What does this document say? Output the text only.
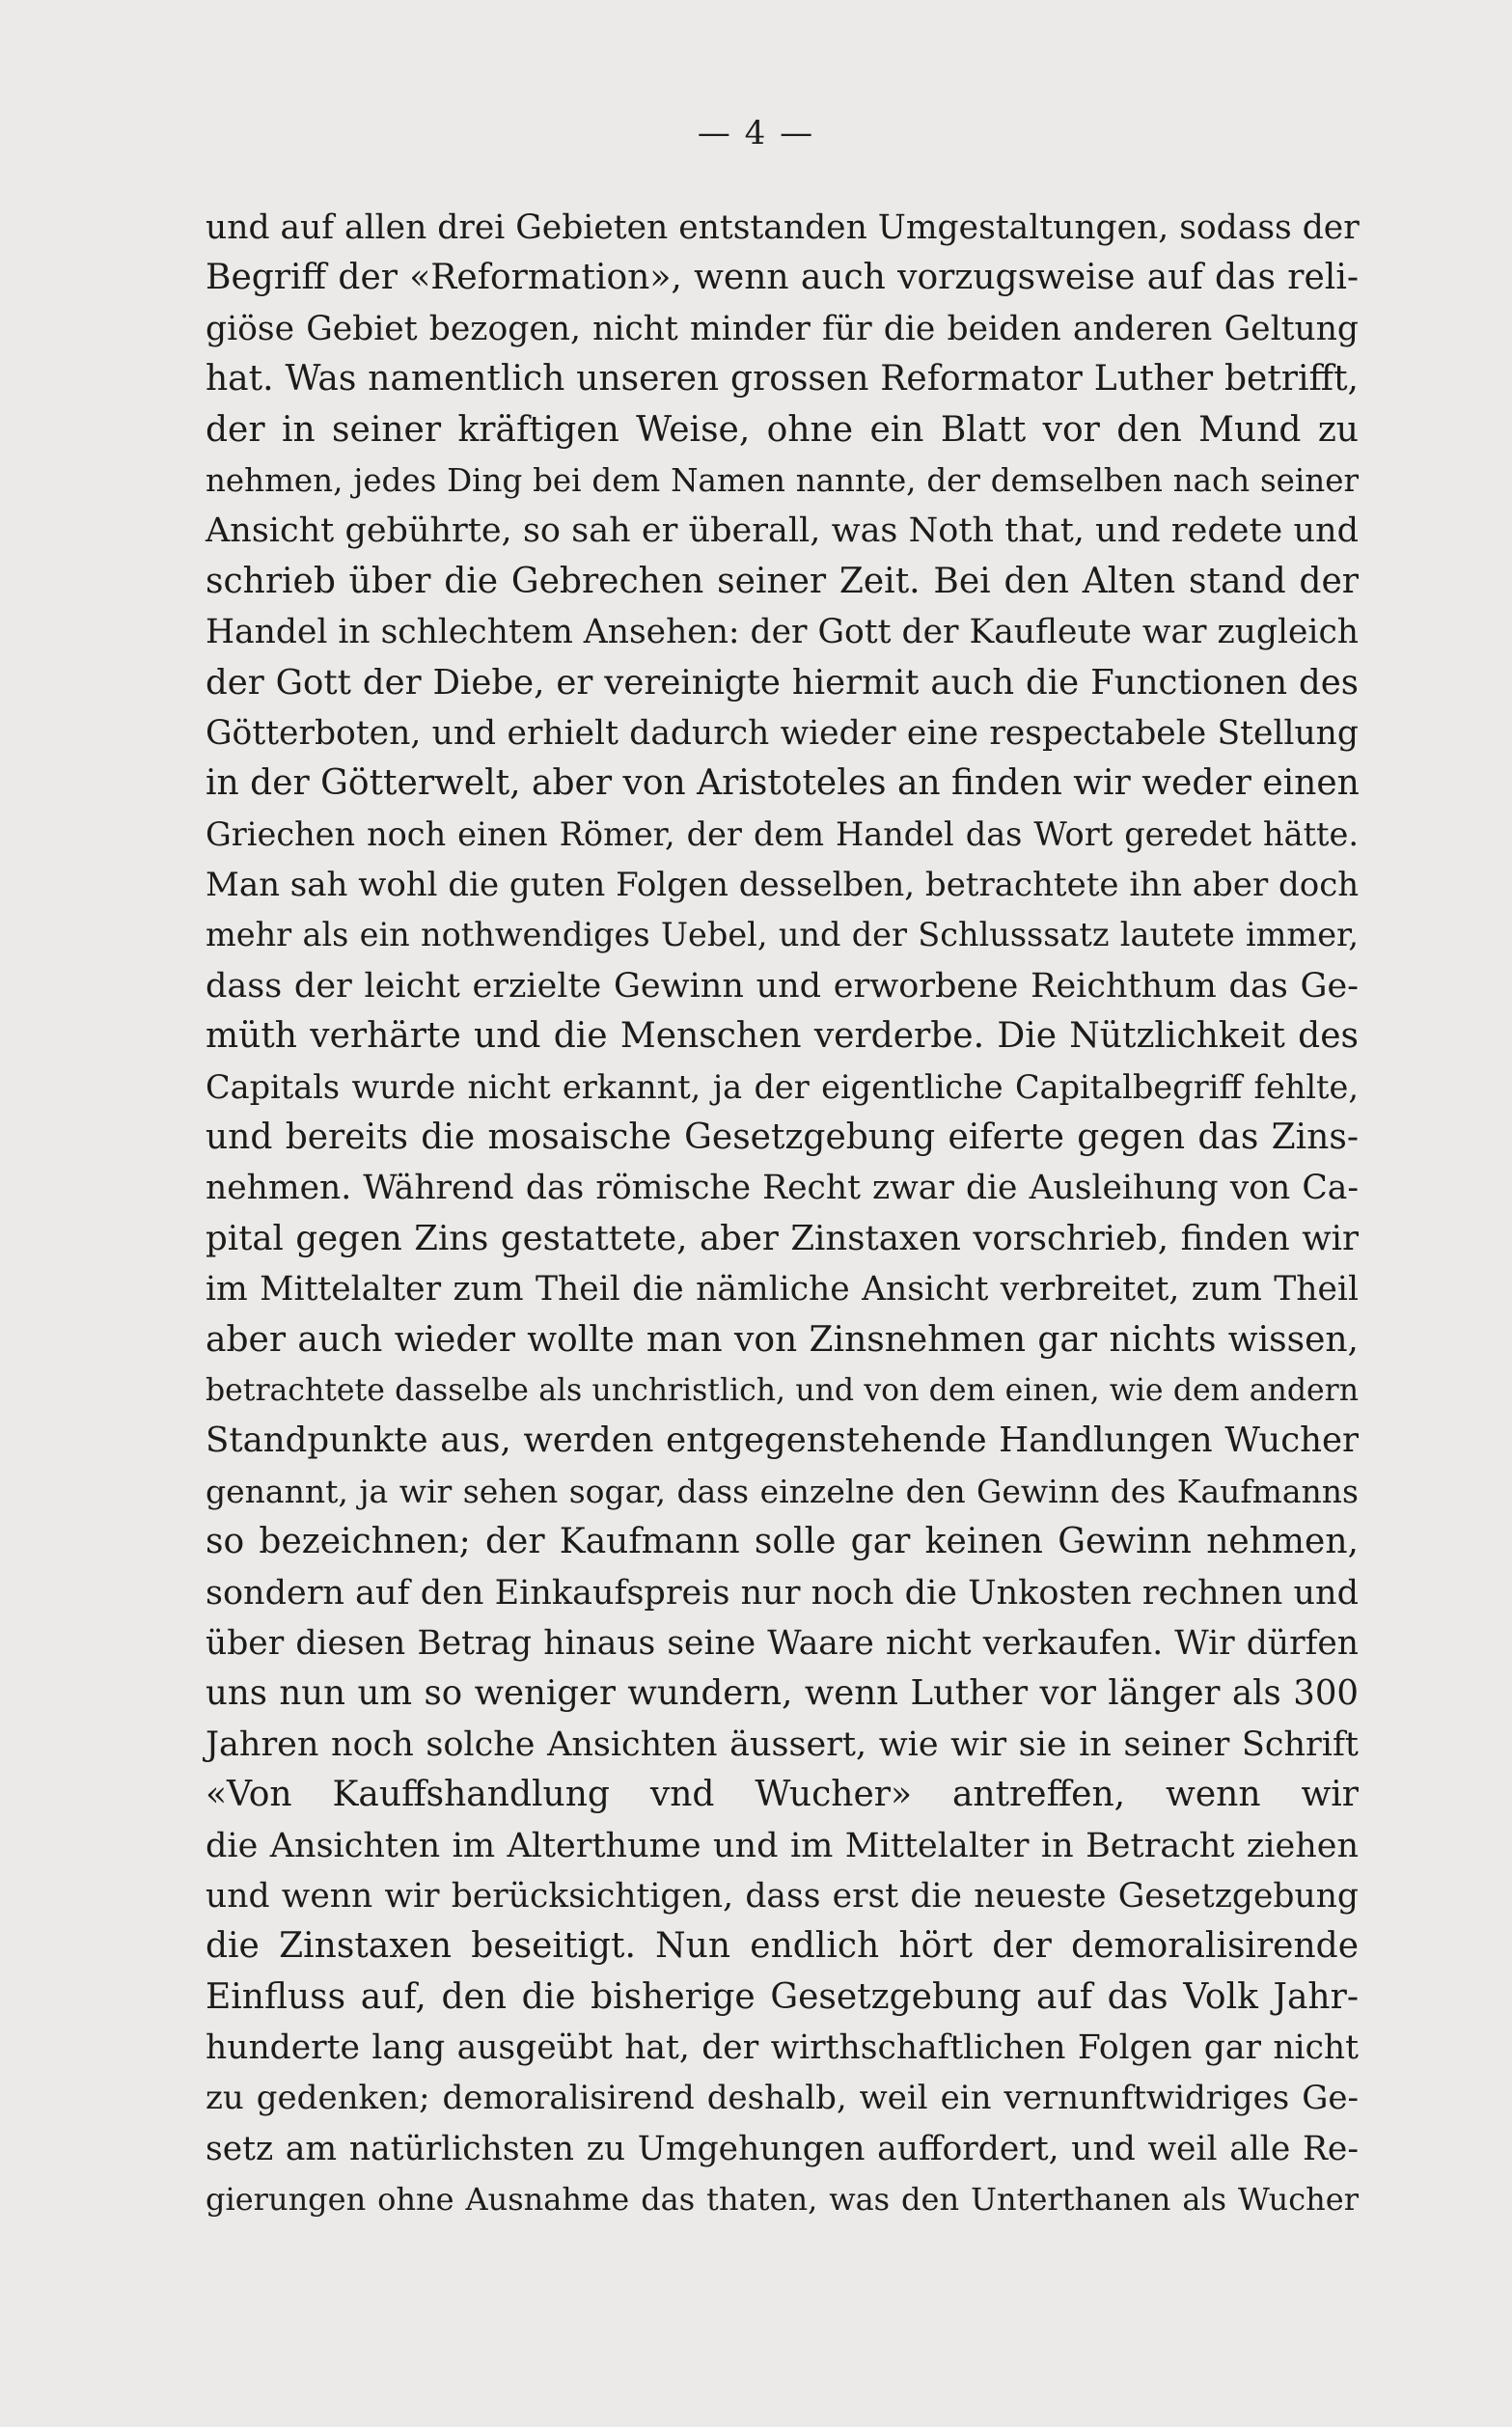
— 4 —
und auf allen drei Gebieten entstanden Umgestaltungen, sodass der
Begriff der «Reformation», wenn auch vorzugsweise auf das reli-
giöse Gebiet bezogen, nicht minder für die beiden anderen Geltung
hat. Was namentlich unseren grossen Reformator Luther betrifft,
der in seiner kräftigen Weise, ohne ein Blatt vor den Mund zu
nehmen, jedes Ding bei dem Namen nannte, der demselben nach seiner
Ansicht gebührte, so sah er überall, was Noth that, und redete und
schrieb über die Gebrechen seiner Zeit. Bei den Alten stand der
Handel in schlechtem Ansehen: der Gott der Kaufleute war zugleich
der Gott der Diebe, er vereinigte hiermit auch die Functionen des
Götterboten, und erhielt dadurch wieder eine respectabele Stellung
in der Götterwelt, aber von Aristoteles an finden wir weder einen
Griechen noch einen Römer, der dem Handel das Wort geredet hätte.
Man sah wohl die guten Folgen desselben, betrachtete ihn aber doch
mehr als ein nothwendiges Uebel, und der Schlusssatz lautete immer,
dass der leicht erzielte Gewinn und erworbene Reichthum das Ge-
müth verhärte und die Menschen verderbe. Die Nützlichkeit des
Capitals wurde nicht erkannt, ja der eigentliche Capitalbegriff fehlte,
und bereits die mosaische Gesetzgebung eiferte gegen das Zins-
nehmen. Während das römische Recht zwar die Ausleihung von Ca-
pital gegen Zins gestattete, aber Zinstaxen vorschrieb, finden wir
im Mittelalter zum Theil die nämliche Ansicht verbreitet, zum Theil
aber auch wieder wollte man von Zinsnehmen gar nichts wissen,
betrachtete dasselbe als unchristlich, und von dem einen, wie dem andern
Standpunkte aus, werden entgegenstehende Handlungen Wucher
genannt, ja wir sehen sogar, dass einzelne den Gewinn des Kaufmanns
so bezeichnen; der Kaufmann solle gar keinen Gewinn nehmen,
sondern auf den Einkaufspreis nur noch die Unkosten rechnen und
über diesen Betrag hinaus seine Waare nicht verkaufen. Wir dürfen
uns nun um so weniger wundern, wenn Luther vor länger als 300
Jahren noch solche Ansichten äussert, wie wir sie in seiner Schrift
«Von Kauffshandlung vnd Wucher» antreffen, wenn wir
die Ansichten im Alterthume und im Mittelalter in Betracht ziehen
und wenn wir berücksichtigen, dass erst die neueste Gesetzgebung
die Zinstaxen beseitigt. Nun endlich hört der demoralisirende
Einfluss auf, den die bisherige Gesetzgebung auf das Volk Jahr-
hunderte lang ausgeübt hat, der wirthschaftlichen Folgen gar nicht
zu gedenken; demoralisirend deshalb, weil ein vernunftwidriges Ge-
setz am natürlichsten zu Umgehungen auffordert, und weil alle Re-
gierungen ohne Ausnahme das thaten, was den Unterthanen als Wucher
